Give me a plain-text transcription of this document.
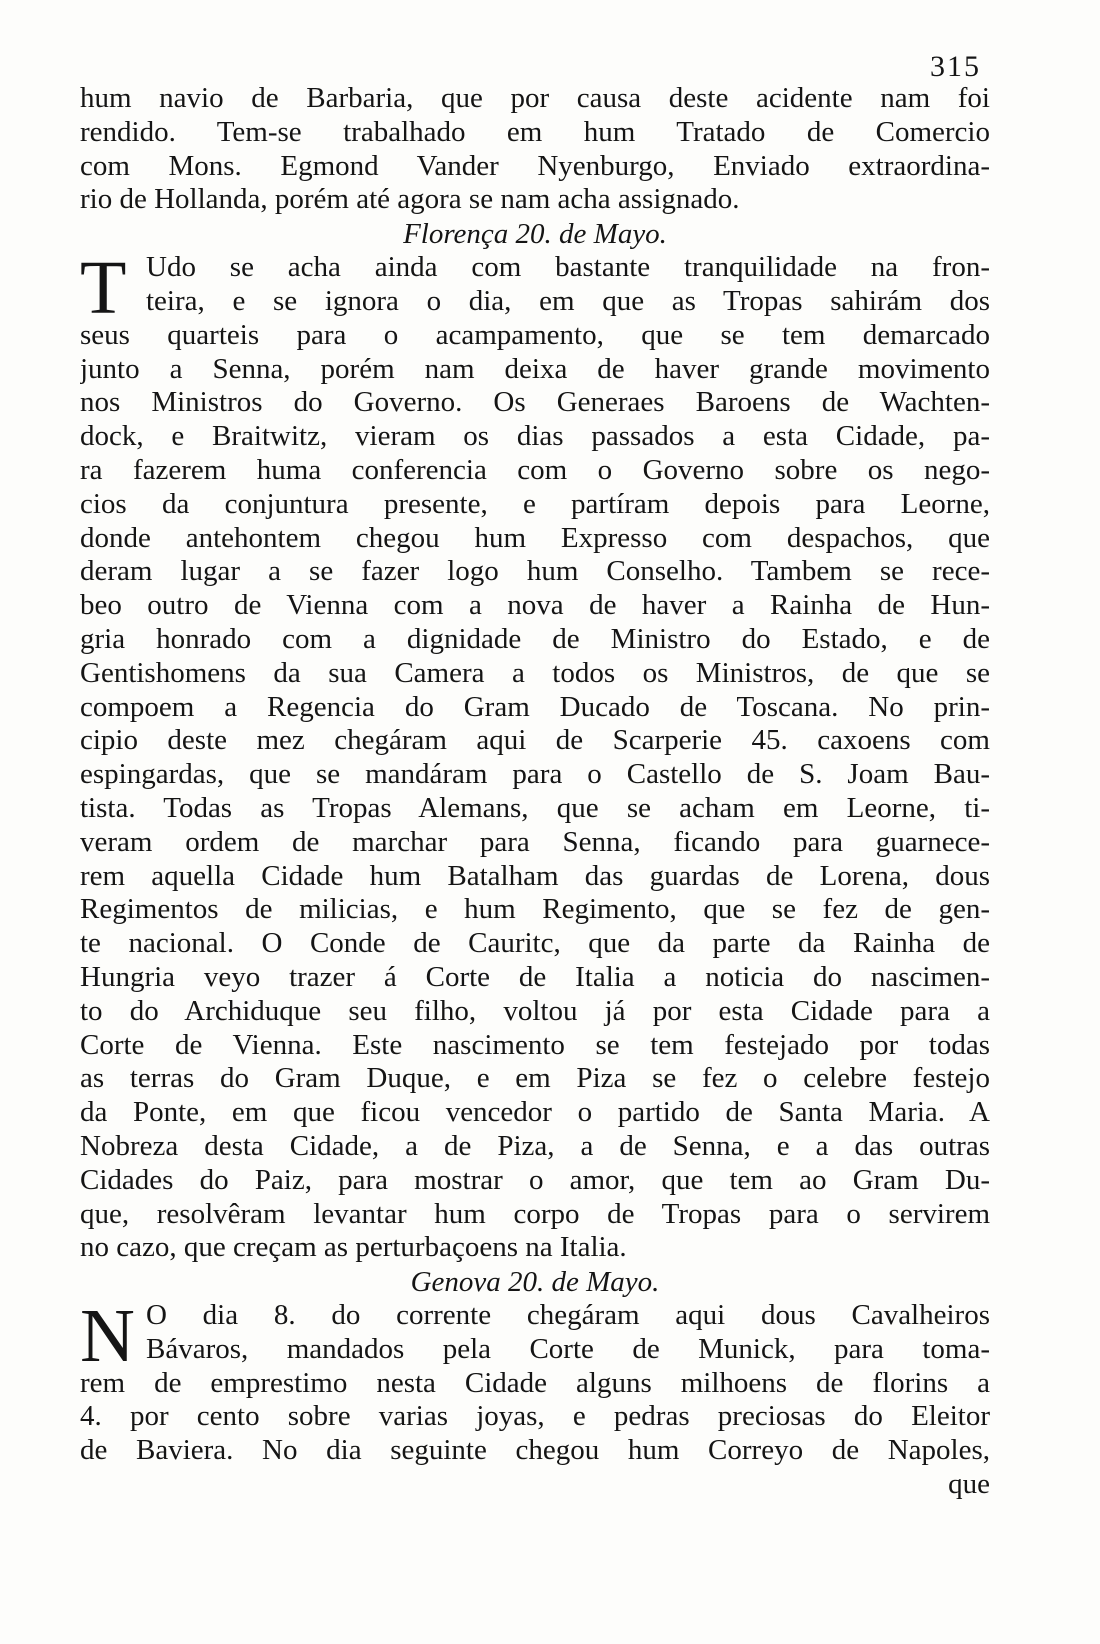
315
hum navio de Barbaria, que por causa deste acidente nam foi
rendido. Tem-se trabalhado em hum Tratado de Comercio
com Mons. Egmond Vander Nyenburgo, Enviado extraordina-
rio de Hollanda, porém até agora se nam acha assignado.
Florença 20. de Mayo.
T Udo se acha ainda com bastante tranquilidade na fron-
teira, e se ignora o dia, em que as Tropas sahirám dos
seus quarteis para o acampamento, que se tem demarcado
junto a Senna, porém nam deixa de haver grande movimento
nos Ministros do Governo. Os Generaes Baroens de Wachten-
dock, e Braitwitz, vieram os dias passados a esta Cidade, pa-
ra fazerem huma conferencia com o Governo sobre os nego-
cios da conjuntura presente, e partíram depois para Leorne,
donde antehontem chegou hum Expresso com despachos, que
deram lugar a se fazer logo hum Conselho. Tambem se rece-
beo outro de Vienna com a nova de haver a Rainha de Hun-
gria honrado com a dignidade de Ministro do Estado, e de
Gentishomens da sua Camera a todos os Ministros, de que se
compoem a Regencia do Gram Ducado de Toscana. No prin-
cipio deste mez chegáram aqui de Scarperie 45. caxoens com
espingardas, que se mandáram para o Castello de S. Joam Bau-
tista. Todas as Tropas Alemans, que se acham em Leorne, ti-
veram ordem de marchar para Senna, ficando para guarnece-
rem aquella Cidade hum Batalham das guardas de Lorena, dous
Regimentos de milicias, e hum Regimento, que se fez de gen-
te nacional. O Conde de Cauritc, que da parte da Rainha de
Hungria veyo trazer á Corte de Italia a noticia do nascimen-
to do Archiduque seu filho, voltou já por esta Cidade para a
Corte de Vienna. Este nascimento se tem festejado por todas
as terras do Gram Duque, e em Piza se fez o celebre festejo
da Ponte, em que ficou vencedor o partido de Santa Maria. A
Nobreza desta Cidade, a de Piza, a de Senna, e a das outras
Cidades do Paiz, para mostrar o amor, que tem ao Gram Du-
que, resolvêram levantar hum corpo de Tropas para o servirem
no cazo, que creçam as perturbaçoens na Italia.
Genova 20. de Mayo.
N O dia 8. do corrente chegáram aqui dous Cavalheiros
Bávaros, mandados pela Corte de Munick, para toma-
rem de emprestimo nesta Cidade alguns milhoens de florins a
4. por cento sobre varias joyas, e pedras preciosas do Eleitor
de Baviera. No dia seguinte chegou hum Correyo de Napoles,
que
